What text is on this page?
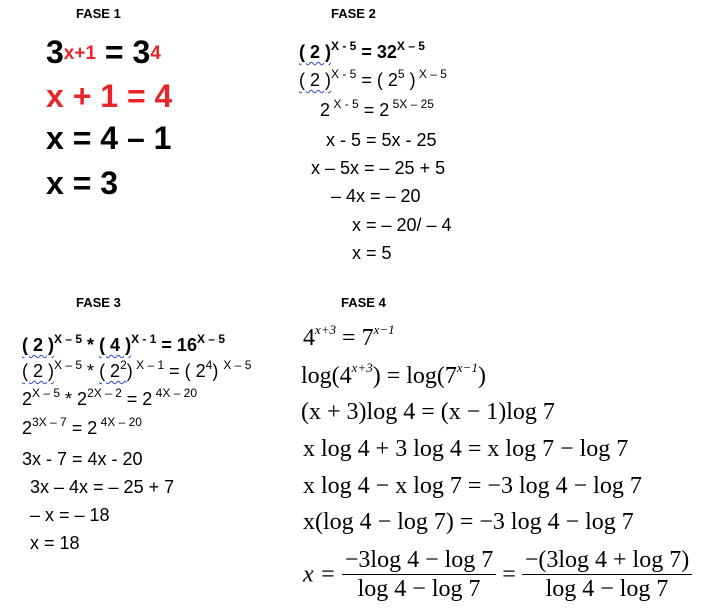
FASE 1
$3^{x+1} = 3^4$
x + 1 = 4
x = 4 – 1
x = 3
FASE 2
( 2 )$^{X - 5} = 32^{X - 5}$
( 2 )$^{X - 5}$ = ( $2^5$ ) $^{X - 5}$
2 $^{X - 5}$ = 2 $^{5X - 25}$
x - 5 = 5x - 25
x – 5x = – 25 + 5
– 4x = – 20
x = – 20/ – 4
x = 5
FASE 3
( 2 )$^{X - 5}$ * ( 4 )$^{X - 1} = 16^{X - 5}$
( 2 )$^{X - 5}$ * ( $2^2$) $^{X - 1}$ = ( $2^4$) $^{X - 5}$
$2^{X - 5} * 2^{2X - 2} = 2$ $^{4X - 20}$
$2^{3X - 7} = 2$ $^{4X - 20}$
3x - 7 = 4x - 20
3x – 4x = – 25 + 7
– x = – 18
x = 18
FASE 4
$4^{x+3} = 7^{x-1}$
$\log(4^{x+3}) = \log(7^{x-1})$
(x + 3)log 4 = (x − 1)log 7
x log 4 + 3 log 4 = x log 7 − log 7
x log 4 − x log 7 = −3 log 4 − log 7
x(log 4 − log 7) = −3 log 4 − log 7
$x = \frac{-3\log 4 - \log 7}{\log 4 - \log 7} = \frac{-(3\log 4 + \log 7)}{\log 4 - \log 7}$
